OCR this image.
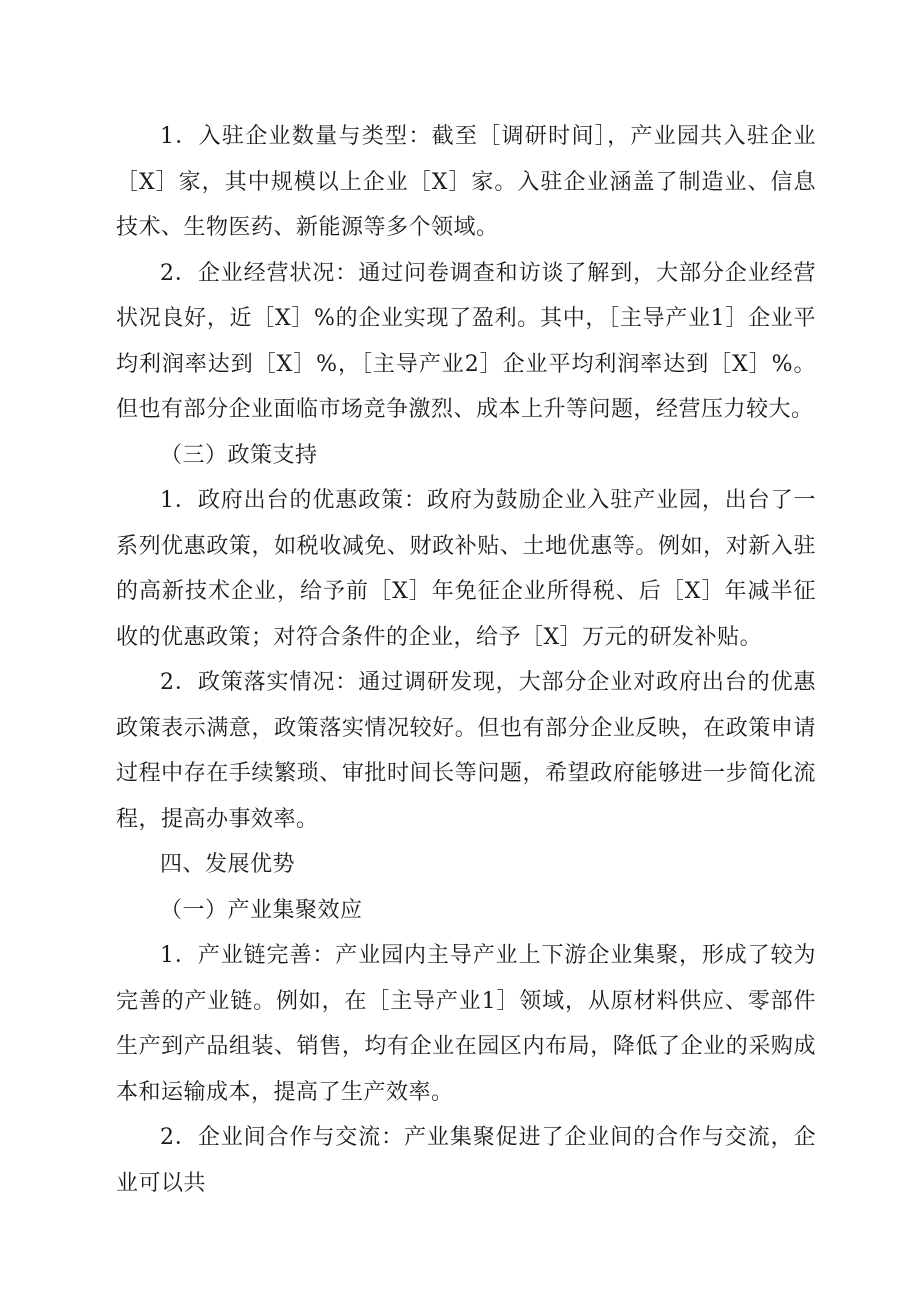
1．入驻企业数量与类型：截至［调研时间］，产业园共入驻企业［X］家，其中规模以上企业［X］家。入驻企业涵盖了制造业、信息技术、生物医药、新能源等多个领域。

2．企业经营状况：通过问卷调查和访谈了解到，大部分企业经营状况良好，近［X］%的企业实现了盈利。其中，［主导产业1］企业平均利润率达到［X］%，［主导产业2］企业平均利润率达到［X］%。但也有部分企业面临市场竞争激烈、成本上升等问题，经营压力较大。

（三）政策支持

1．政府出台的优惠政策：政府为鼓励企业入驻产业园，出台了一系列优惠政策，如税收减免、财政补贴、土地优惠等。例如，对新入驻的高新技术企业，给予前［X］年免征企业所得税、后［X］年减半征收的优惠政策；对符合条件的企业，给予［X］万元的研发补贴。

2．政策落实情况：通过调研发现，大部分企业对政府出台的优惠政策表示满意，政策落实情况较好。但也有部分企业反映，在政策申请过程中存在手续繁琐、审批时间长等问题，希望政府能够进一步简化流程，提高办事效率。

四、发展优势

（一）产业集聚效应

1．产业链完善：产业园内主导产业上下游企业集聚，形成了较为完善的产业链。例如，在［主导产业1］领域，从原材料供应、零部件生产到产品组装、销售，均有企业在园区内布局，降低了企业的采购成本和运输成本，提高了生产效率。

2．企业间合作与交流：产业集聚促进了企业间的合作与交流，企业可以共
